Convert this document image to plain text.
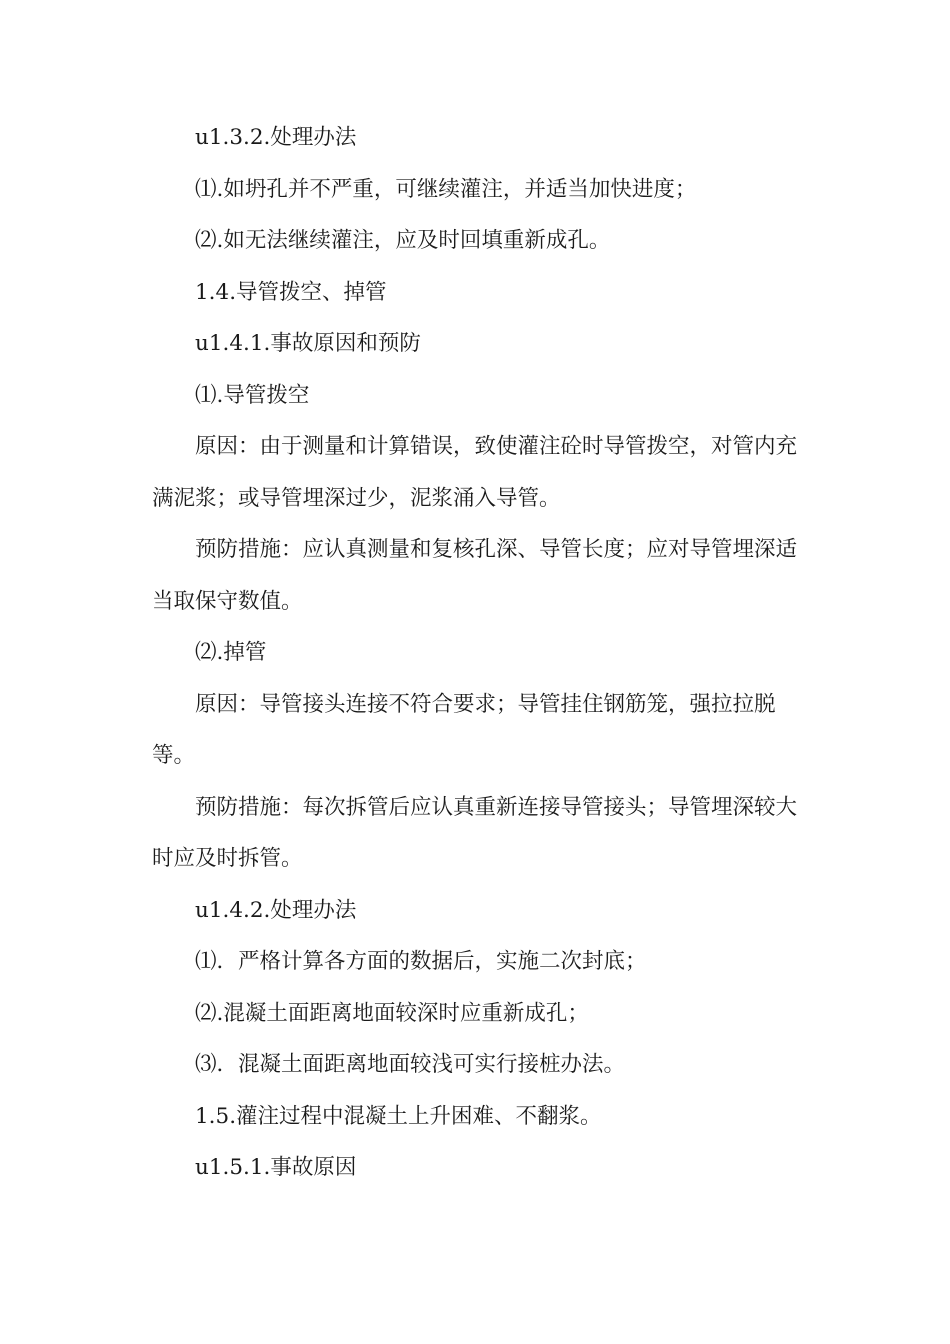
u1.3.2.处理办法

⑴.如坍孔并不严重，可继续灌注，并适当加快进度；

⑵.如无法继续灌注，应及时回填重新成孔。

1.4.导管拨空、掉管

u1.4.1.事故原因和预防

⑴.导管拨空

原因：由于测量和计算错误，致使灌注砼时导管拨空，对管内充满泥浆；或导管埋深过少，泥浆涌入导管。

预防措施：应认真测量和复核孔深、导管长度；应对导管埋深适当取保守数值。

⑵.掉管

原因：导管接头连接不符合要求；导管挂住钢筋笼，强拉拉脱等。

预防措施：每次拆管后应认真重新连接导管接头；导管埋深较大时应及时拆管。

u1.4.2.处理办法

⑴．严格计算各方面的数据后，实施二次封底；

⑵.混凝土面距离地面较深时应重新成孔；

⑶．混凝土面距离地面较浅可实行接桩办法。

1.5.灌注过程中混凝土上升困难、不翻浆。

u1.5.1.事故原因
